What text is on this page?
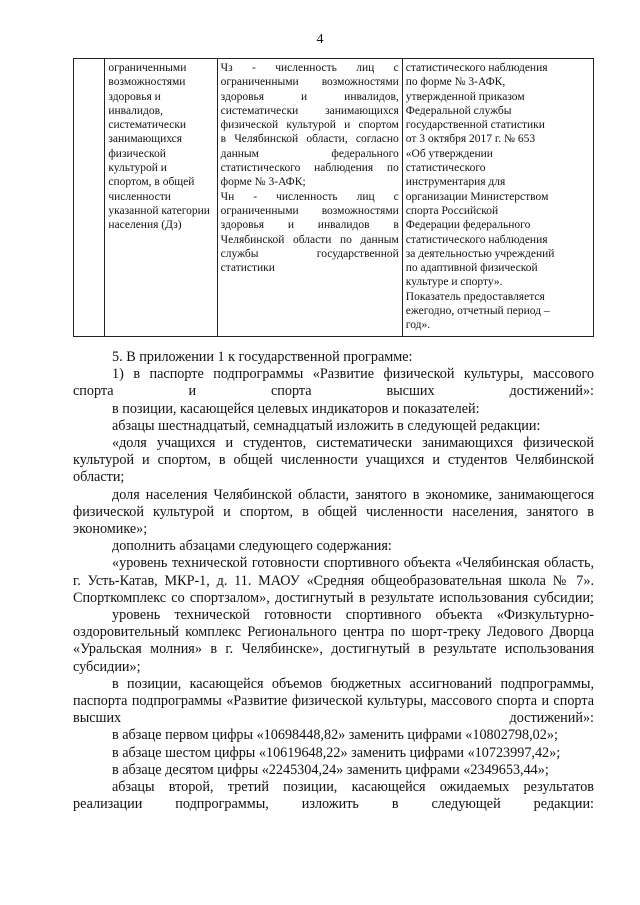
4

ограниченными
возможностями
здоровья и
инвалидов,
систематически
занимающихся
физической
культурой и
спортом, в общей
численности
указанной категории
населения (Дз)

Чз - численность лиц с
ограниченными возможностями
здоровья и инвалидов,
систематически занимающихся
физической культурой и спортом
в Челябинской области, согласно
данным федерального
статистического наблюдения по
форме № 3-АФК;
Чн - численность лиц с
ограниченными возможностями
здоровья и инвалидов в
Челябинской области по данным
службы государственной
статистики

статистического наблюдения
по форме № 3-АФК,
утвержденной приказом
Федеральной службы
государственной статистики
от 3 октября 2017 г. № 653
«Об утверждении
статистического
инструментария для
организации Министерством
спорта Российской
Федерации федерального
статистического наблюдения
за деятельностью учреждений
по адаптивной физической
культуре и спорту».
Показатель предоставляется
ежегодно, отчетный период –
год».

5. В приложении 1 к государственной программе:

1) в паспорте подпрограммы «Развитие физической культуры, массового спорта и спорта высших достижений»:

в позиции, касающейся целевых индикаторов и показателей:

абзацы шестнадцатый, семнадцатый изложить в следующей редакции:

«доля учащихся и студентов, систематически занимающихся физической культурой и спортом, в общей численности учащихся и студентов Челябинской области;

доля населения Челябинской области, занятого в экономике, занимающегося физической культурой и спортом, в общей численности населения, занятого в экономике»;

дополнить абзацами следующего содержания:

«уровень технической готовности спортивного объекта «Челябинская область, г. Усть-Катав, МКР-1, д. 11. МАОУ «Средняя общеобразовательная школа № 7». Спорткомплекс со спортзалом», достигнутый в результате использования субсидии;

уровень технической готовности спортивного объекта «Физкультурно-оздоровительный комплекс Регионального центра по шорт-треку Ледового Дворца «Уральская молния» в г. Челябинске», достигнутый в результате использования субсидии»;

в позиции, касающейся объемов бюджетных ассигнований подпрограммы, паспорта подпрограммы «Развитие физической культуры, массового спорта и спорта высших достижений»:

в абзаце первом цифры «10698448,82» заменить цифрами «10802798,02»;

в абзаце шестом цифры «10619648,22» заменить цифрами «10723997,42»;

в абзаце десятом цифры «2245304,24» заменить цифрами «2349653,44»;

абзацы второй, третий позиции, касающейся ожидаемых результатов реализации подпрограммы, изложить в следующей редакции:
